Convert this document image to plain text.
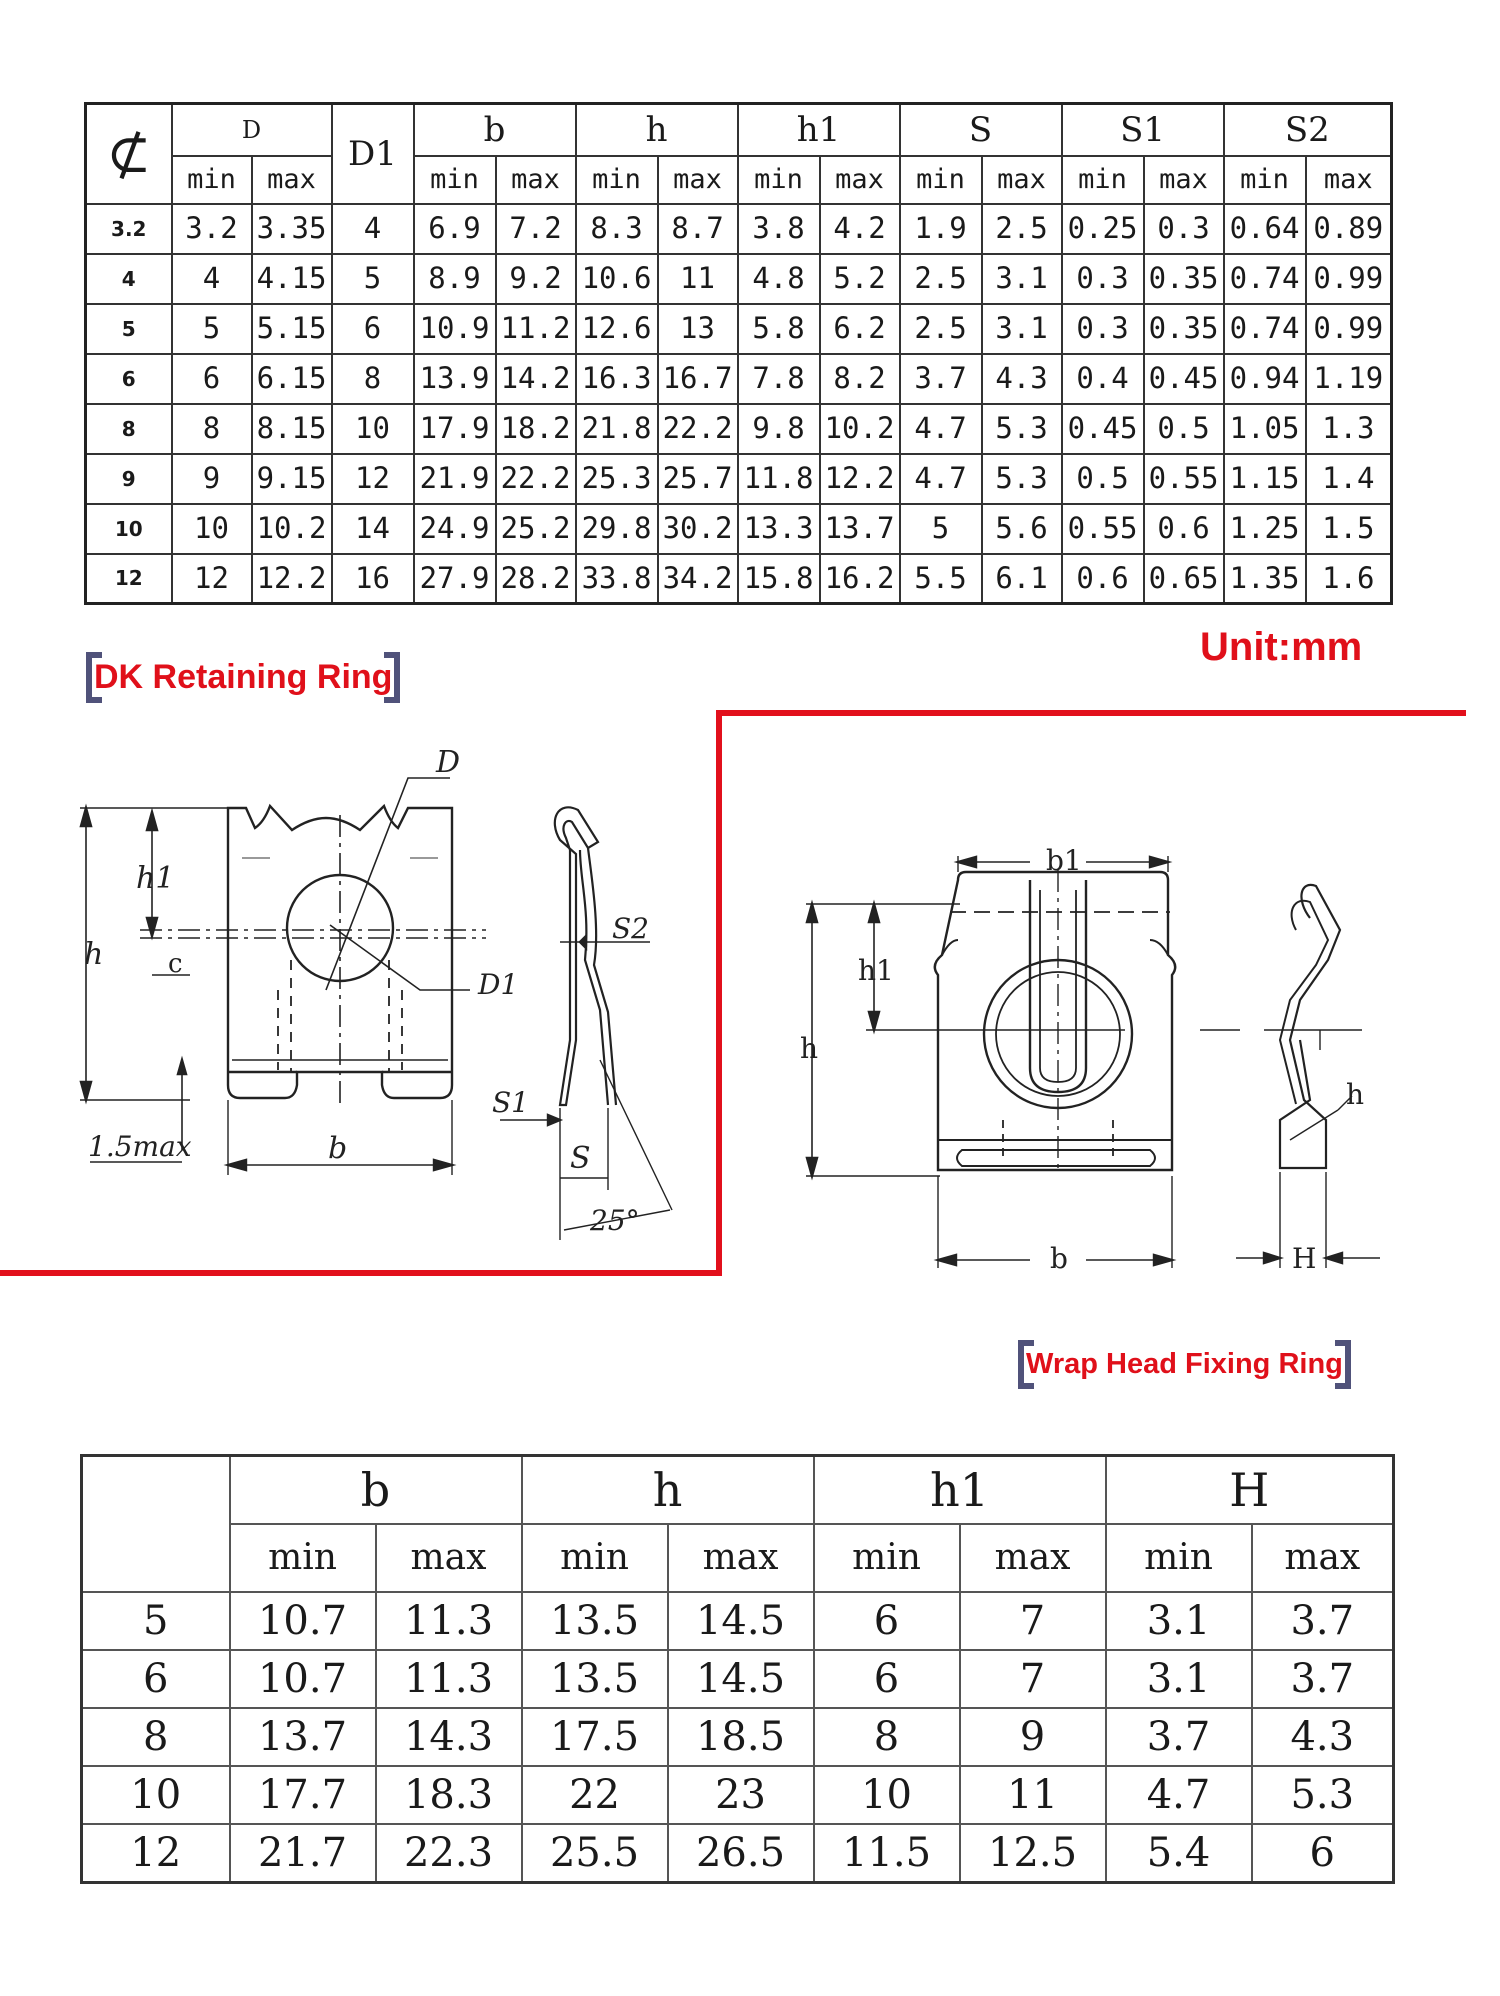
⊄	D		D1	b		h		h1		S		S1		S2	
	min	max		min	max	min	max	min	max	min	max	min	max	min	max
3.2	3.2	3.35	4	6.9	7.2	8.3	8.7	3.8	4.2	1.9	2.5	0.25	0.3	0.64	0.89
4	4	4.15	5	8.9	9.2	10.6	11	4.8	5.2	2.5	3.1	0.3	0.35	0.74	0.99
5	5	5.15	6	10.9	11.2	12.6	13	5.8	6.2	2.5	3.1	0.3	0.35	0.74	0.99
6	6	6.15	8	13.9	14.2	16.3	16.7	7.8	8.2	3.7	4.3	0.4	0.45	0.94	1.19
8	8	8.15	10	17.9	18.2	21.8	22.2	9.8	10.2	4.7	5.3	0.45	0.5	1.05	1.3
9	9	9.15	12	21.9	22.2	25.3	25.7	11.8	12.2	4.7	5.3	0.5	0.55	1.15	1.4
10	10	10.2	14	24.9	25.2	29.8	30.2	13.3	13.7	5	5.6	0.55	0.6	1.25	1.5
12	12	12.2	16	27.9	28.2	33.8	34.2	15.8	16.2	5.5	6.1	0.6	0.65	1.35	1.6
Unit:mm
DK Retaining Ring
D
h1
h c
D1
S2
S1
S
b
1.5max
25°
b1
h1
h
b
h
H
Wrap Head Fixing Ring
	b		h		h1		H	
	min	max	min	max	min	max	min	max
5	10.7	11.3	13.5	14.5	6	7	3.1	3.7
6	10.7	11.3	13.5	14.5	6	7	3.1	3.7
8	13.7	14.3	17.5	18.5	8	9	3.7	4.3
10	17.7	18.3	22	23	10	11	4.7	5.3
12	21.7	22.3	25.5	26.5	11.5	12.5	5.4	6
